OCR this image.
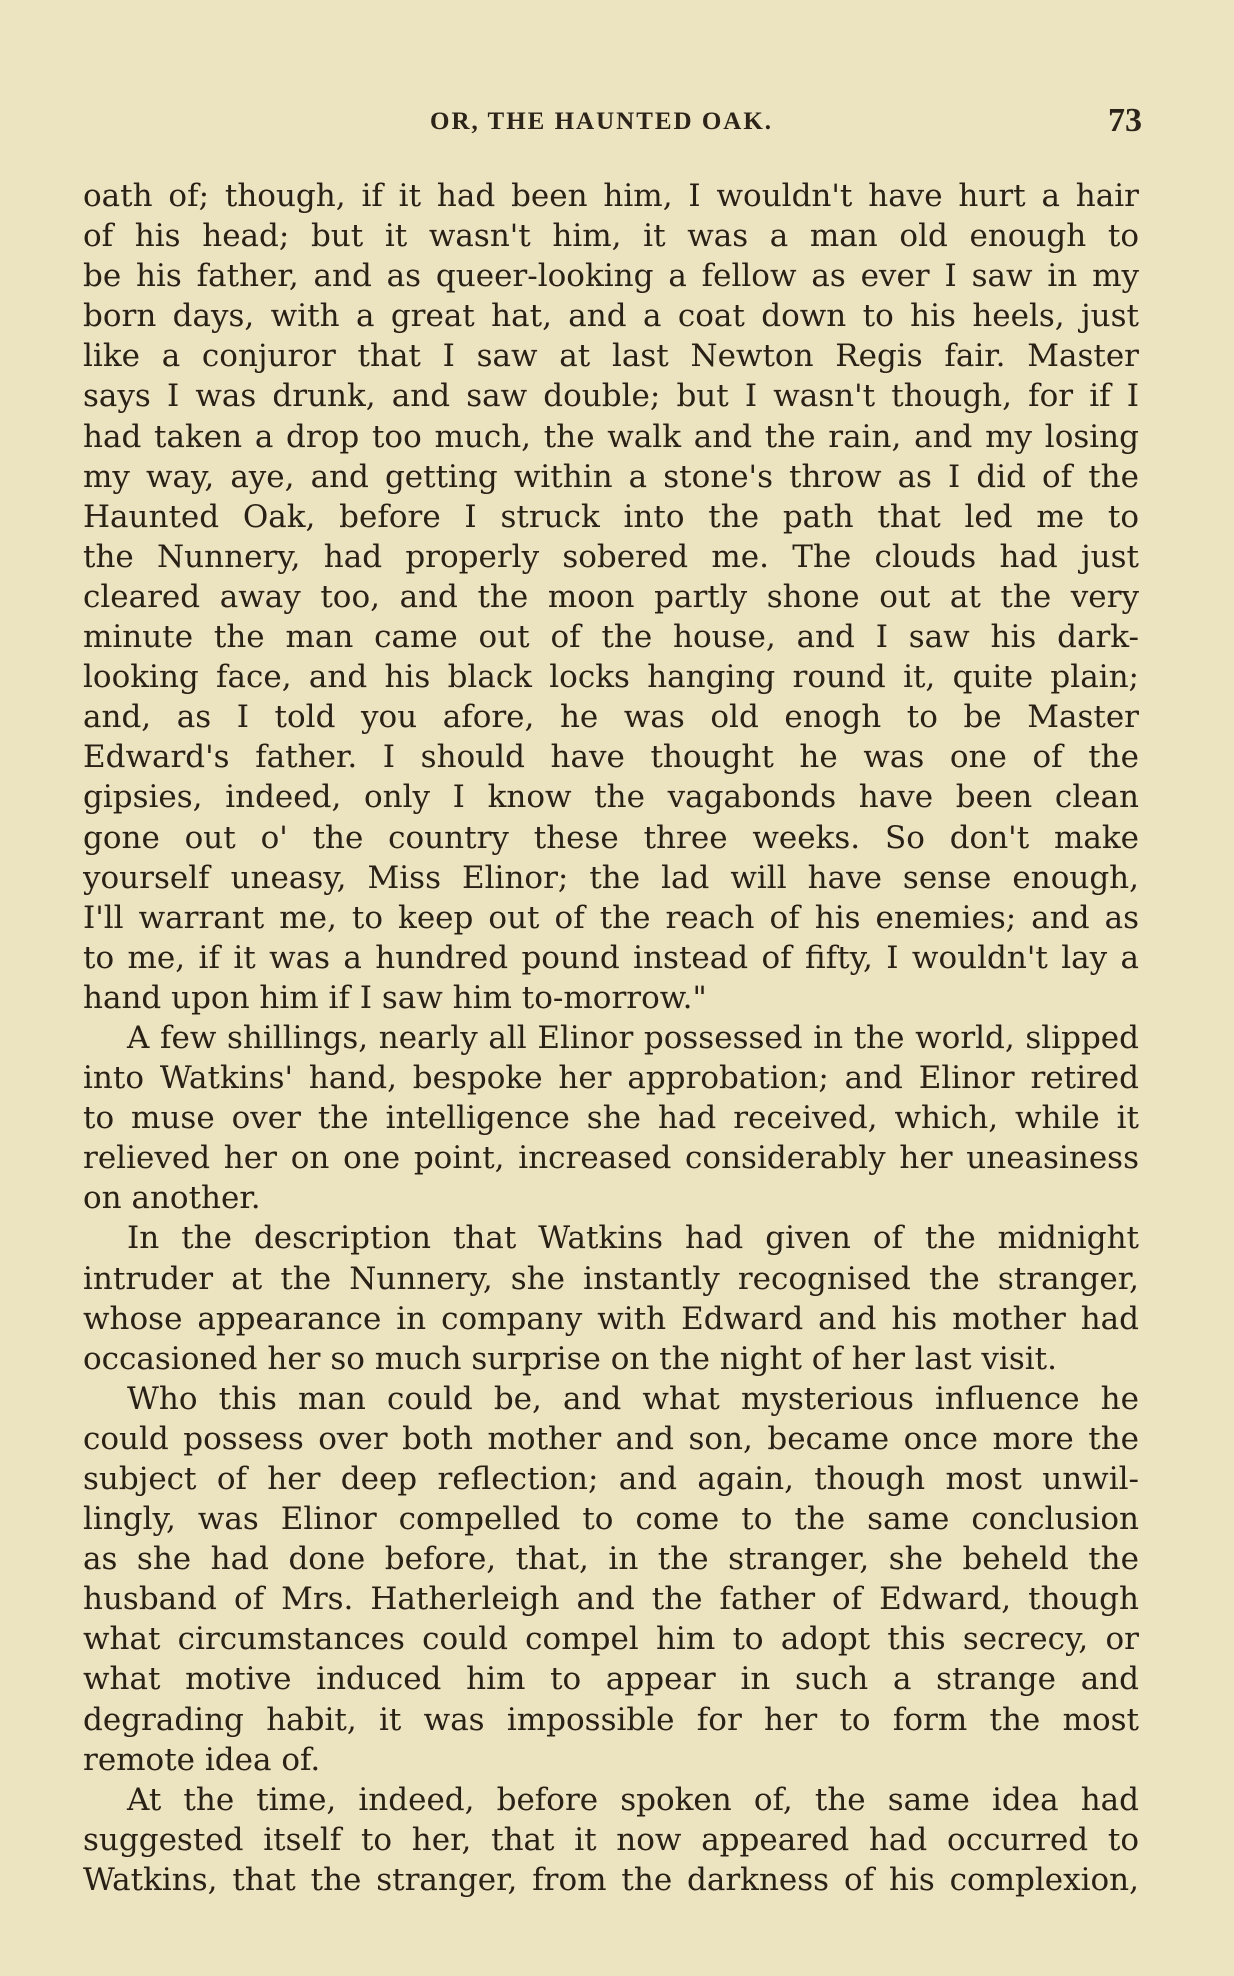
OR, THE HAUNTED OAK.	73
oath of; though, if it had been him, I wouldn't have hurt a hair
of his head; but it wasn't him, it was a man old enough to
be his father, and as queer-looking a fellow as ever I saw in my
born days, with a great hat, and a coat down to his heels, just
like a conjuror that I saw at last Newton Regis fair. Master
says I was drunk, and saw double; but I wasn't though, for if I
had taken a drop too much, the walk and the rain, and my losing
my way, aye, and getting within a stone's throw as I did of the
Haunted Oak, before I struck into the path that led me to
the Nunnery, had properly sobered me. The clouds had just
cleared away too, and the moon partly shone out at the very
minute the man came out of the house, and I saw his dark-
looking face, and his black locks hanging round it, quite plain;
and, as I told you afore, he was old enogh to be Master
Edward's father. I should have thought he was one of the
gipsies, indeed, only I know the vagabonds have been clean
gone out o' the country these three weeks. So don't make
yourself uneasy, Miss Elinor; the lad will have sense enough,
I'll warrant me, to keep out of the reach of his enemies; and as
to me, if it was a hundred pound instead of fifty, I wouldn't lay a
hand upon him if I saw him to-morrow."
A few shillings, nearly all Elinor possessed in the world, slipped
into Watkins' hand, bespoke her approbation; and Elinor retired
to muse over the intelligence she had received, which, while it
relieved her on one point, increased considerably her uneasiness
on another.
In the description that Watkins had given of the midnight
intruder at the Nunnery, she instantly recognised the stranger,
whose appearance in company with Edward and his mother had
occasioned her so much surprise on the night of her last visit.
Who this man could be, and what mysterious influence he
could possess over both mother and son, became once more the
subject of her deep reflection; and again, though most unwil-
lingly, was Elinor compelled to come to the same conclusion
as she had done before, that, in the stranger, she beheld the
husband of Mrs. Hatherleigh and the father of Edward, though
what circumstances could compel him to adopt this secrecy, or
what motive induced him to appear in such a strange and
degrading habit, it was impossible for her to form the most
remote idea of.
At the time, indeed, before spoken of, the same idea had
suggested itself to her, that it now appeared had occurred to
Watkins, that the stranger, from the darkness of his complexion,
